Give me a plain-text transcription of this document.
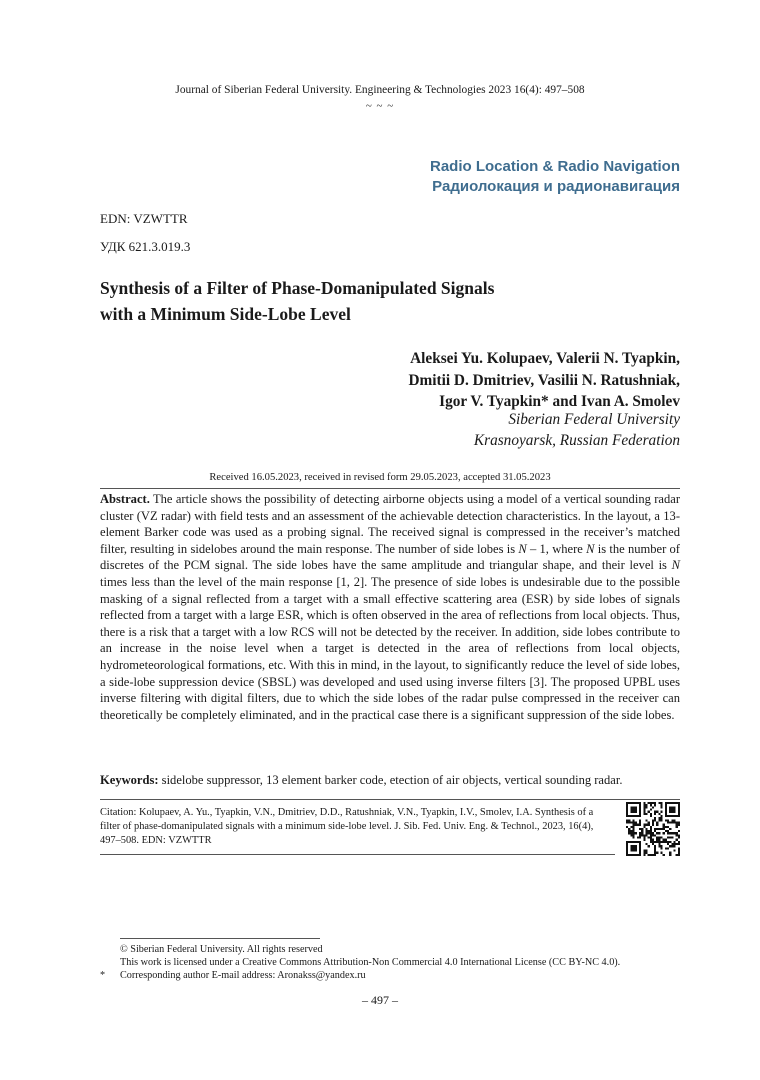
Journal of Siberian Federal University. Engineering & Technologies 2023 16(4): 497–508
~ ~ ~
Radio Location & Radio Navigation
Радиолокация и радионавигация
EDN: VZWTTR
УДК 621.3.019.3
Synthesis of a Filter of Phase-Domanipulated Signals
with a Minimum Side-Lobe Level
Aleksei Yu. Kolupaev, Valerii N. Tyapkin,
Dmitii D. Dmitriev, Vasilii N. Ratushniak,
Igor V. Tyapkin* and Ivan A. Smolev
Siberian Federal University
Krasnoyarsk, Russian Federation
Received 16.05.2023, received in revised form 29.05.2023, accepted 31.05.2023
Abstract. The article shows the possibility of detecting airborne objects using a model of a vertical sounding radar cluster (VZ radar) with field tests and an assessment of the achievable detection characteristics. In the layout, a 13-element Barker code was used as a probing signal. The received signal is compressed in the receiver’s matched filter, resulting in sidelobes around the main response. The number of side lobes is N – 1, where N is the number of discretes of the PCM signal. The side lobes have the same amplitude and triangular shape, and their level is N times less than the level of the main response [1, 2]. The presence of side lobes is undesirable due to the possible masking of a signal reflected from a target with a small effective scattering area (ESR) by side lobes of signals reflected from a target with a large ESR, which is often observed in the area of reflections from local objects. Thus, there is a risk that a target with a low RCS will not be detected by the receiver. In addition, side lobes contribute to an increase in the noise level when a target is detected in the area of reflections from local objects, hydrometeorological formations, etc. With this in mind, in the layout, to significantly reduce the level of side lobes, a side-lobe suppression device (SBSL) was developed and used using inverse filters [3]. The proposed UPBL uses inverse filtering with digital filters, due to which the side lobes of the radar pulse compressed in the receiver can theoretically be completely eliminated, and in the practical case there is a significant suppression of the side lobes.
Keywords: sidelobe suppressor, 13 element barker code, etection of air objects, vertical sounding radar.
Citation: Kolupaev, A. Yu., Tyapkin, V.N., Dmitriev, D.D., Ratushniak, V.N., Tyapkin, I.V., Smolev, I.A. Synthesis of a filter of phase-domanipulated signals with a minimum side-lobe level. J. Sib. Fed. Univ. Eng. & Technol., 2023, 16(4), 497–508. EDN: VZWTTR
© Siberian Federal University. All rights reserved
This work is licensed under a Creative Commons Attribution-Non Commercial 4.0 International License (CC BY-NC 4.0).
* Corresponding author E-mail address: Aronakss@yandex.ru
– 497 –
